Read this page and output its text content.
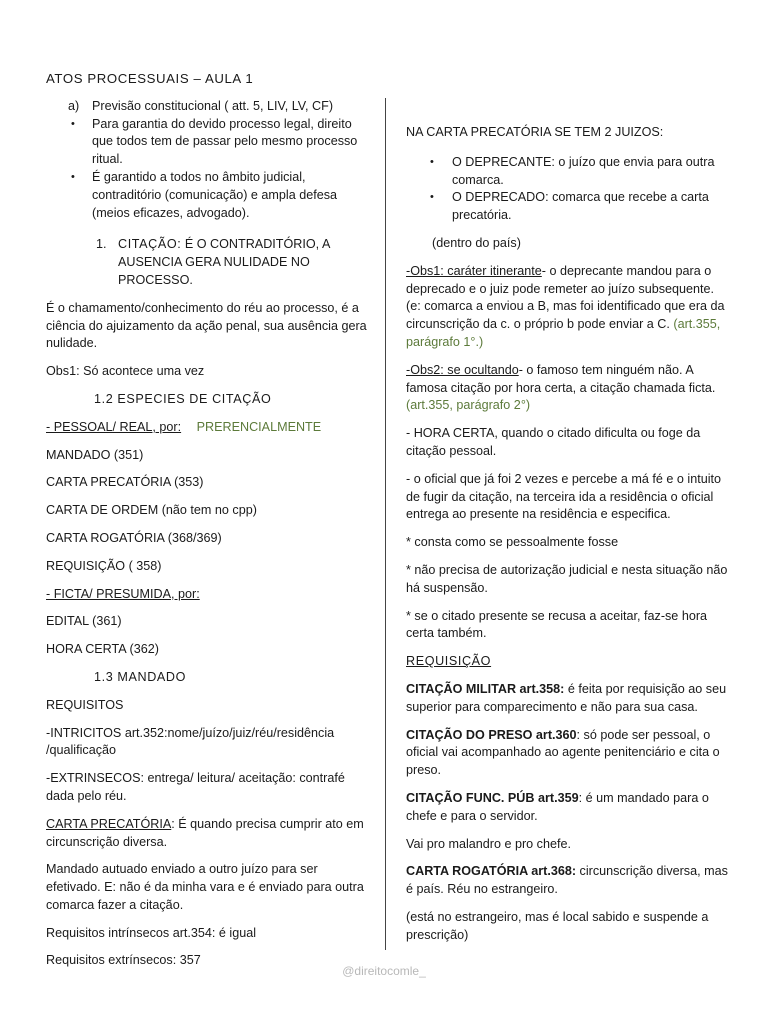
ATOS PROCESSUAIS – AULA 1

a) Previsão constitucional ( att. 5, LIV, LV, CF)
• Para garantia do devido processo legal, direito que todos tem de passar pelo mesmo processo ritual.
• É garantido a todos no âmbito judicial, contraditório (comunicação) e ampla defesa (meios eficazes, advogado).
1. CITAÇÃO: É O CONTRADITÓRIO, A AUSENCIA GERA NULIDADE NO PROCESSO.

É o chamamento/conhecimento do réu ao processo, é a ciência do ajuizamento da ação penal, sua ausência gera nulidade.

Obs1: Só acontece uma vez

1.2 ESPECIES DE CITAÇÃO

- PESSOAL/ REAL, por: PRERENCIALMENTE

MANDADO (351)

CARTA PRECATÓRIA (353)

CARTA DE ORDEM (não tem no cpp)

CARTA ROGATÓRIA (368/369)

REQUISIÇÃO ( 358)

- FICTA/ PRESUMIDA, por:

EDITAL (361)

HORA CERTA (362)

1.3 MANDADO

REQUISITOS

-INTRICITOS art.352:nome/juízo/juiz/réu/residência /qualificação

-EXTRINSECOS: entrega/ leitura/ aceitação: contrafé dada pelo réu.

CARTA PRECATÓRIA: É quando precisa cumprir ato em circunscrição diversa.

Mandado autuado enviado a outro juízo para ser efetivado. E: não é da minha vara e é enviado para outra comarca fazer a citação.

Requisitos intrínsecos art.354: é igual

Requisitos extrínsecos: 357

NA CARTA PRECATÓRIA SE TEM 2 JUIZOS:

• O DEPRECANTE: o juízo que envia para outra comarca.
• O DEPRECADO: comarca que recebe a carta precatória.

(dentro do país)

-Obs1: caráter itinerante- o deprecante mandou para o deprecado e o juiz pode remeter ao juízo subsequente. (e: comarca a enviou a B, mas foi identificado que era da circunscrição da c. o próprio b pode enviar a C. (art.355, parágrafo 1°.)

-Obs2: se ocultando- o famoso tem ninguém não. A famosa citação por hora certa, a citação chamada ficta. (art.355, parágrafo 2°)

- HORA CERTA, quando o citado dificulta ou foge da citação pessoal.

- o oficial que já foi 2 vezes e percebe a má fé e o intuito de fugir da citação, na terceira ida a residência o oficial entrega ao presente na residência e especifica.

* consta como se pessoalmente fosse

* não precisa de autorização judicial e nesta situação não há suspensão.

* se o citado presente se recusa a aceitar, faz-se hora certa também.

REQUISIÇÃO

CITAÇÃO MILITAR art.358: é feita por requisição ao seu superior para comparecimento e não para sua casa.

CITAÇÃO DO PRESO art.360: só pode ser pessoal, o oficial vai acompanhado ao agente penitenciário e cita o preso.

CITAÇÃO FUNC. PÚB art.359: é um mandado para o chefe e para o servidor.

Vai pro malandro e pro chefe.

CARTA ROGATÓRIA art.368: circunscrição diversa, mas é país. Réu no estrangeiro.

(está no estrangeiro, mas é local sabido e suspende a prescrição)

@direitocomle_
